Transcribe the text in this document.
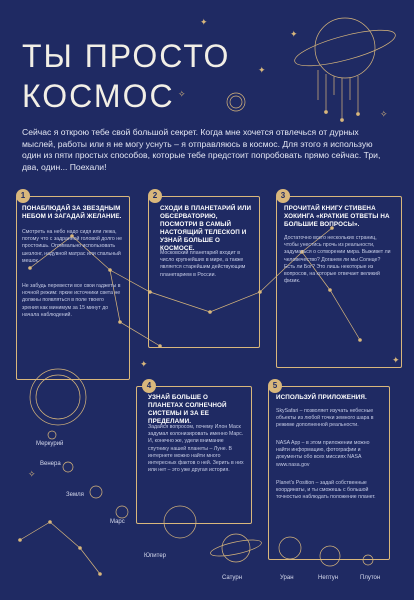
✦
✦
✧
✦
✧
✦
✧
✦
ТЫ ПРОСТО
КОСМОС
Сейчас я открою тебе свой большой секрет. Когда мне хочется отвлечься от дурных мыслей, работы или я не могу уснуть – я отправляюсь в космос. Для этого я использую один из пяти простых способов, которые тебе предстоит попробовать прямо сейчас. Три, два, один... Поехали!
1
ПОНАБЛЮДАЙ ЗА ЗВЕЗДНЫМ НЕБОМ И ЗАГАДАЙ ЖЕЛАНИЕ.
Смотреть на небо надо сидя или лежа, потому что с задранной головой долго не простоишь. Оптимально использовать шезлонг, надувной матрас или спальный мешок.
Не забудь перевести все свои гаджеты в ночной режим: яркие источники света не должны появляться в поле твоего зрения как минимум за 15 минут до начала наблюдений.
2
СХОДИ В ПЛАНЕТАРИЙ ИЛИ ОБСЕРВАТОРИЮ, ПОСМОТРИ В САМЫЙ НАСТОЯЩИЙ ТЕЛЕСКОП И УЗНАЙ БОЛЬШЕ О КОСМОСЕ.
Московский планетарий входит в число крупнейших в мире, а также является старейшим действующим планетарием в России.
3
ПРОЧИТАЙ КНИГУ СТИВЕНА ХОКИНГА «КРАТКИЕ ОТВЕТЫ НА БОЛЬШИЕ ВОПРОСЫ».
Достаточно всего нескольких страниц, чтобы унестись прочь из реальности, задуматься о сотворении мира. Выживет ли человечество? Доганем ли мы Солнце? Есть ли Бог? Это лишь некоторые из вопросов, на которые отвечает великий физик.
4
УЗНАЙ БОЛЬШЕ О ПЛАНЕТАХ СОЛНЕЧНОЙ СИСТЕМЫ И ЗА ЕЕ ПРЕДЕЛАМИ.
Задайся вопросом, почему Илон Маск задумал колонизировать именно Марс. И, конечно же, удели внимание спутнику нашей планеты – Луне. В интернете можно найти много интересных фактов о ней. Зерить в них или нет – это уже другая история.
5
ИСПОЛЬЗУЙ ПРИЛОЖЕНИЯ.
SkySafari – позволяет изучать небесные объекты из любой точки земного шара в режиме дополненной реальности.
NASA App – в этом приложении можно найти информацию, фотографии и документы обо всех миссиях NASA www.nasa.gov
Planet's Position – задай собственные координаты, и ты сможешь с большой точностью наблюдать положение планет.
Меркурий
Венера
Земля
Марс
Юпитер
Сатурн	Уран	Нептун	Плутон
